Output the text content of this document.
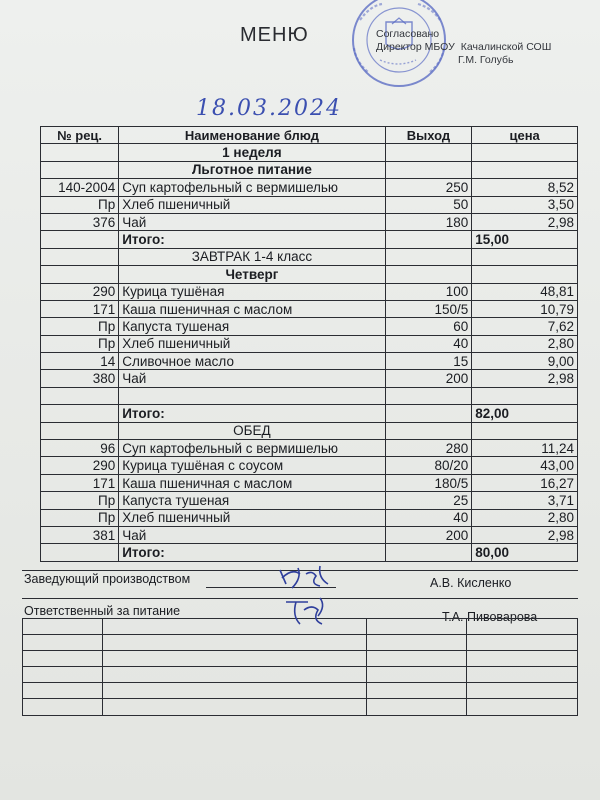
МЕНЮ	Согласовано
Директор МБОУ Качалинской СОШ
Г.М. Голубь
18.03.2024
№ рец.	Наименование блюд	Выход	цена
	1 неделя		
	Льготное питание		
140-2004	Суп картофельный с вермишелью	250	8,52
Пр	Хлеб пшеничный	50	3,50
376	Чай	180	2,98
	Итого:		15,00
	ЗАВТРАК 1-4 класс		
	Четверг		
290	Курица тушёная	100	48,81
171	Каша пшеничная с маслом	150/5	10,79
Пр	Капуста тушеная	60	7,62
Пр	Хлеб пшеничный	40	2,80
14	Сливочное масло	15	9,00
380	Чай	200	2,98

	Итого:		82,00
	ОБЕД		
96	Суп картофельный с вермишелью	280	11,24
290	Курица тушёная с соусом	80/20	43,00
171	Каша пшеничная с маслом	180/5	16,27
Пр	Капуста тушеная	25	3,71
Пр	Хлеб пшеничный	40	2,80
381	Чай	200	2,98
	Итого:		80,00
Заведующий производством	А.В. Кисленко
Ответственный за питание	Т.А. Пивоварова
